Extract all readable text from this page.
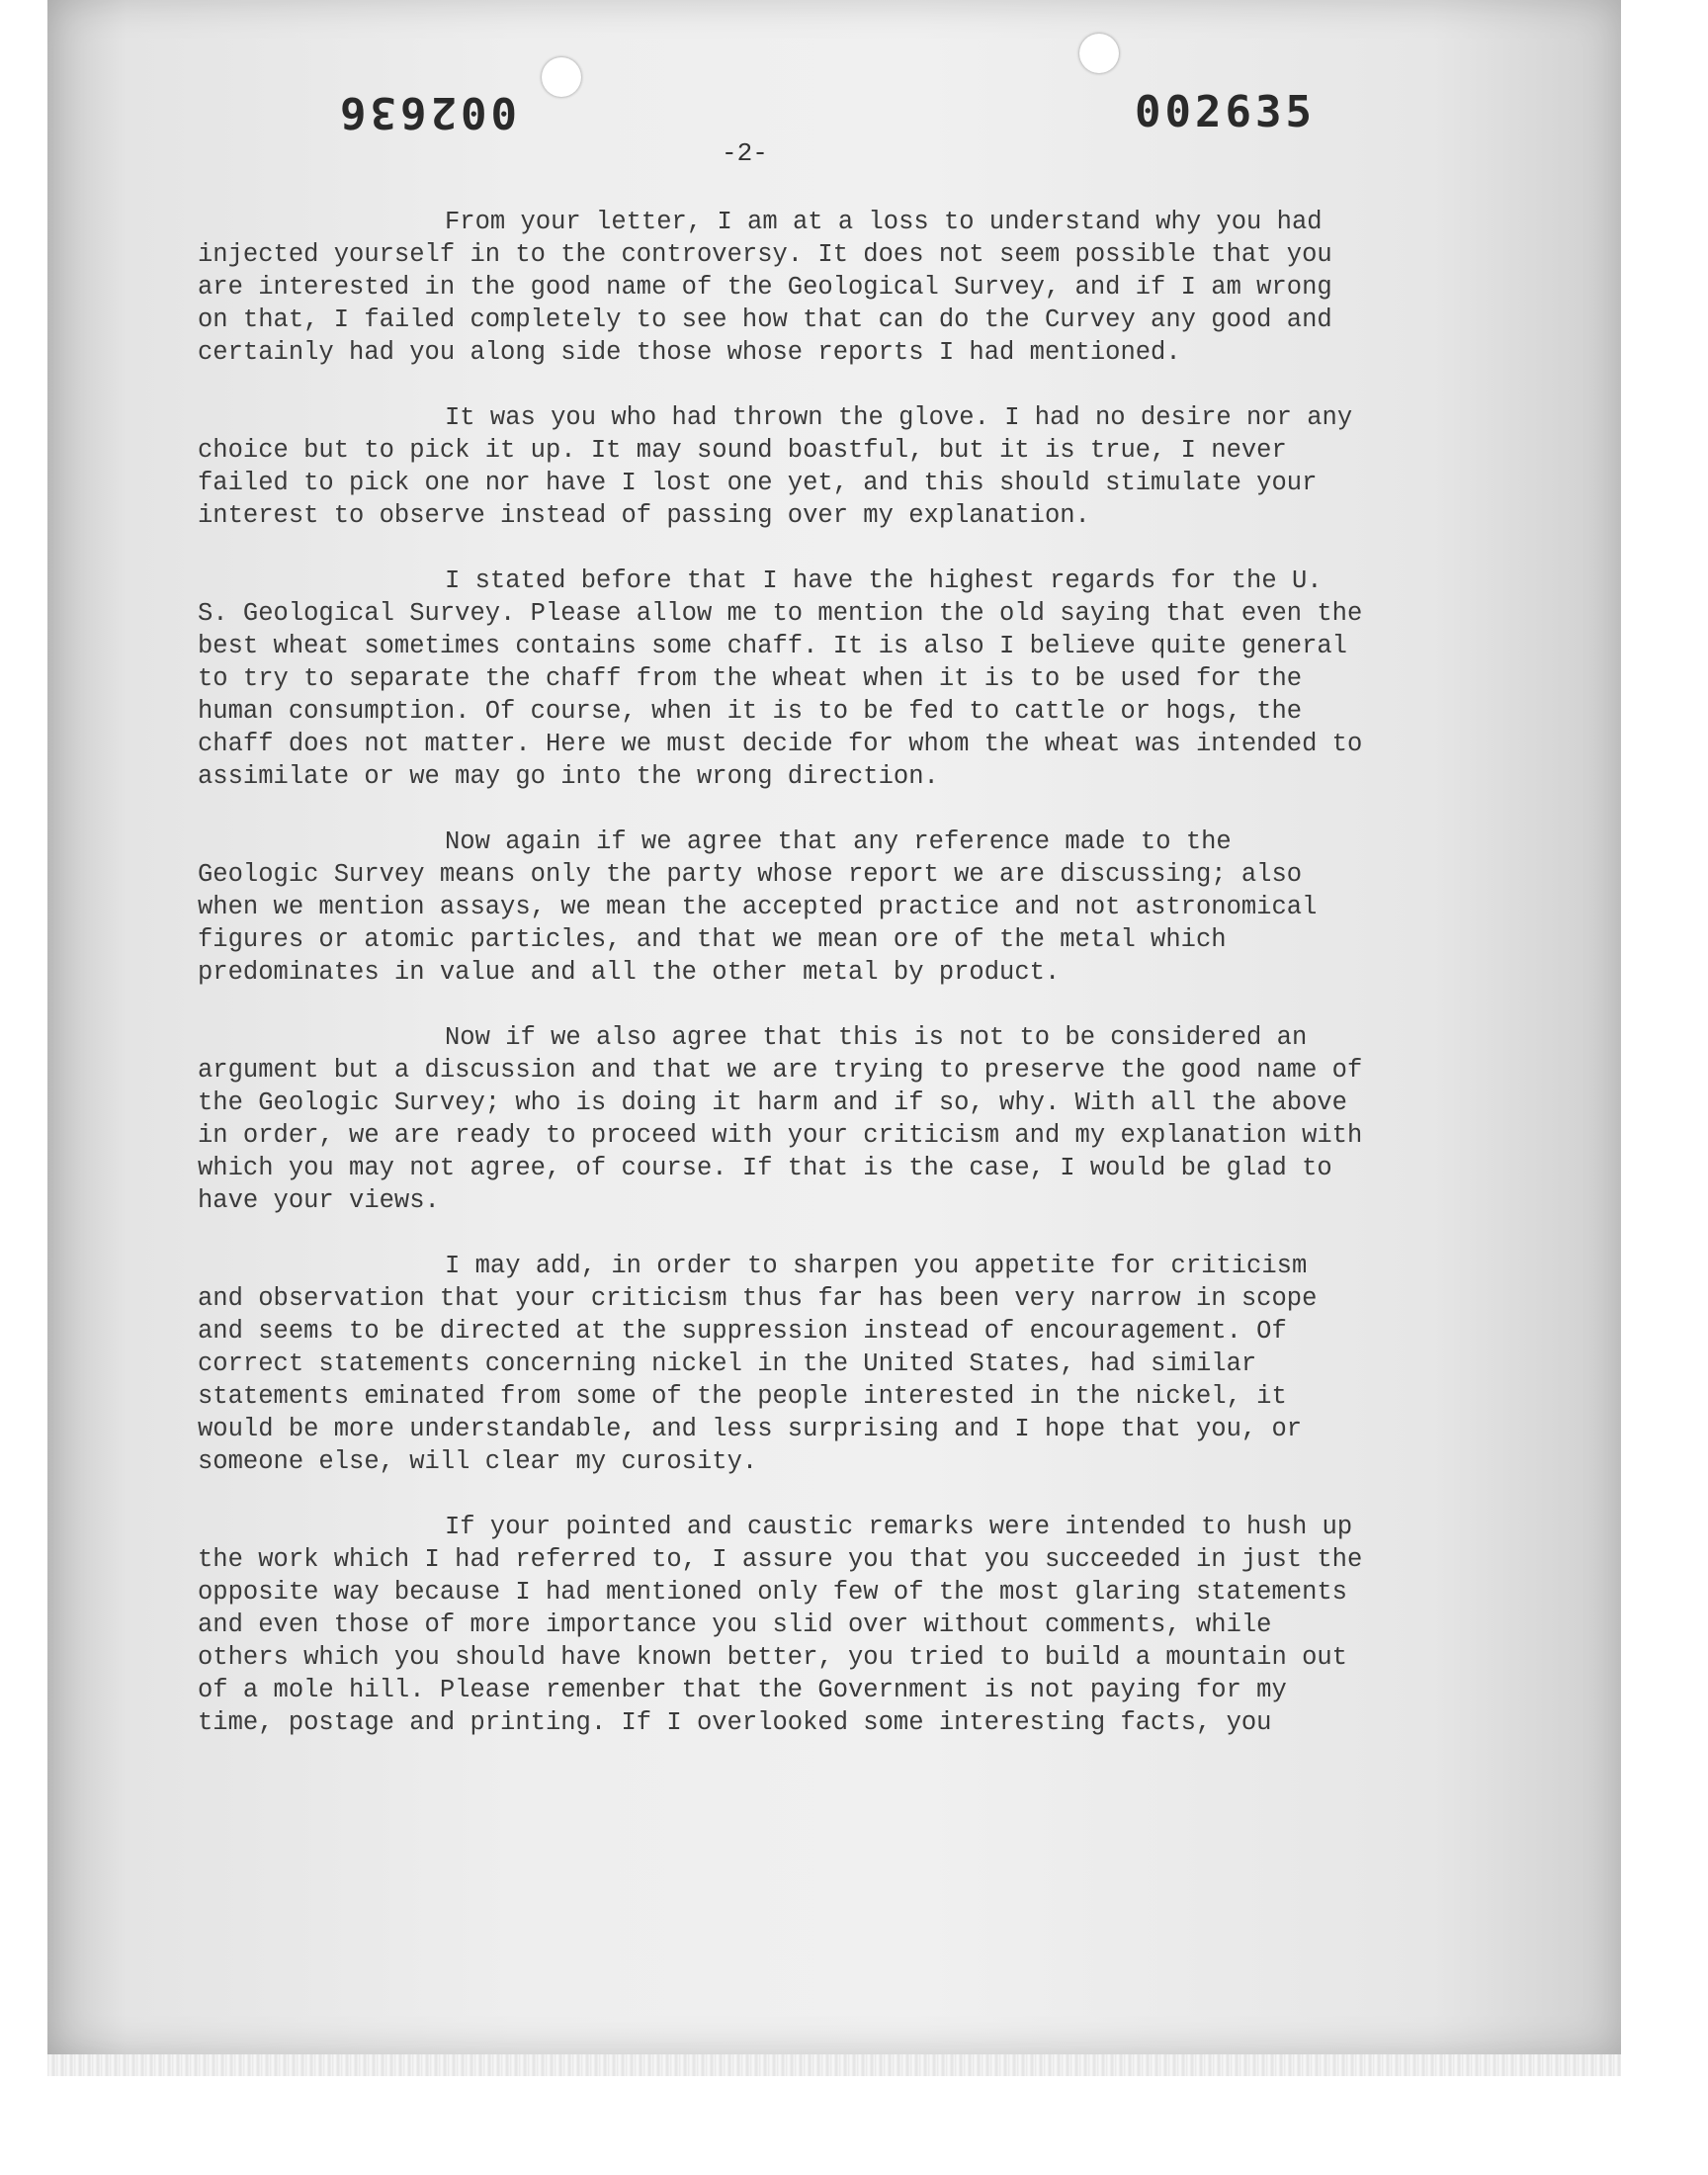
002636	002635
-2-

From your letter, I am at a loss to understand why you had injected yourself in to the controversy. It does not seem possible that you are interested in the good name of the Geological Survey, and if I am wrong on that, I failed completely to see how that can do the Curvey any good and certainly had you along side those whose reports I had mentioned.

It was you who had thrown the glove. I had no desire nor any choice but to pick it up. It may sound boastful, but it is true, I never failed to pick one nor have I lost one yet, and this should stimulate your interest to observe instead of passing over my explanation.

I stated before that I have the highest regards for the U. S. Geological Survey. Please allow me to mention the old saying that even the best wheat sometimes contains some chaff. It is also I believe quite general to try to separate the chaff from the wheat when it is to be used for the human consumption. Of course, when it is to be fed to cattle or hogs, the chaff does not matter. Here we must decide for whom the wheat was intended to assimilate or we may go into the wrong direction.

Now again if we agree that any reference made to the Geologic Survey means only the party whose report we are discussing; also when we mention assays, we mean the accepted practice and not astronomical figures or atomic particles, and that we mean ore of the metal which predominates in value and all the other metal by product.

Now if we also agree that this is not to be considered an argument but a discussion and that we are trying to preserve the good name of the Geologic Survey; who is doing it harm and if so, why. With all the above in order, we are ready to proceed with your criticism and my explanation with which you may not agree, of course. If that is the case, I would be glad to have your views.

I may add, in order to sharpen you appetite for criticism and observation that your criticism thus far has been very narrow in scope and seems to be directed at the suppression instead of encouragement. Of correct statements concerning nickel in the United States, had similar statements eminated from some of the people interested in the nickel, it would be more understandable, and less surprising and I hope that you, or someone else, will clear my curosity.

If your pointed and caustic remarks were intended to hush up the work which I had referred to, I assure you that you succeeded in just the opposite way because I had mentioned only few of the most glaring statements and even those of more importance you slid over without comments, while others which you should have known better, you tried to build a mountain out of a mole hill. Please remenber that the Government is not paying for my time, postage and printing. If I overlooked some interesting facts, you
